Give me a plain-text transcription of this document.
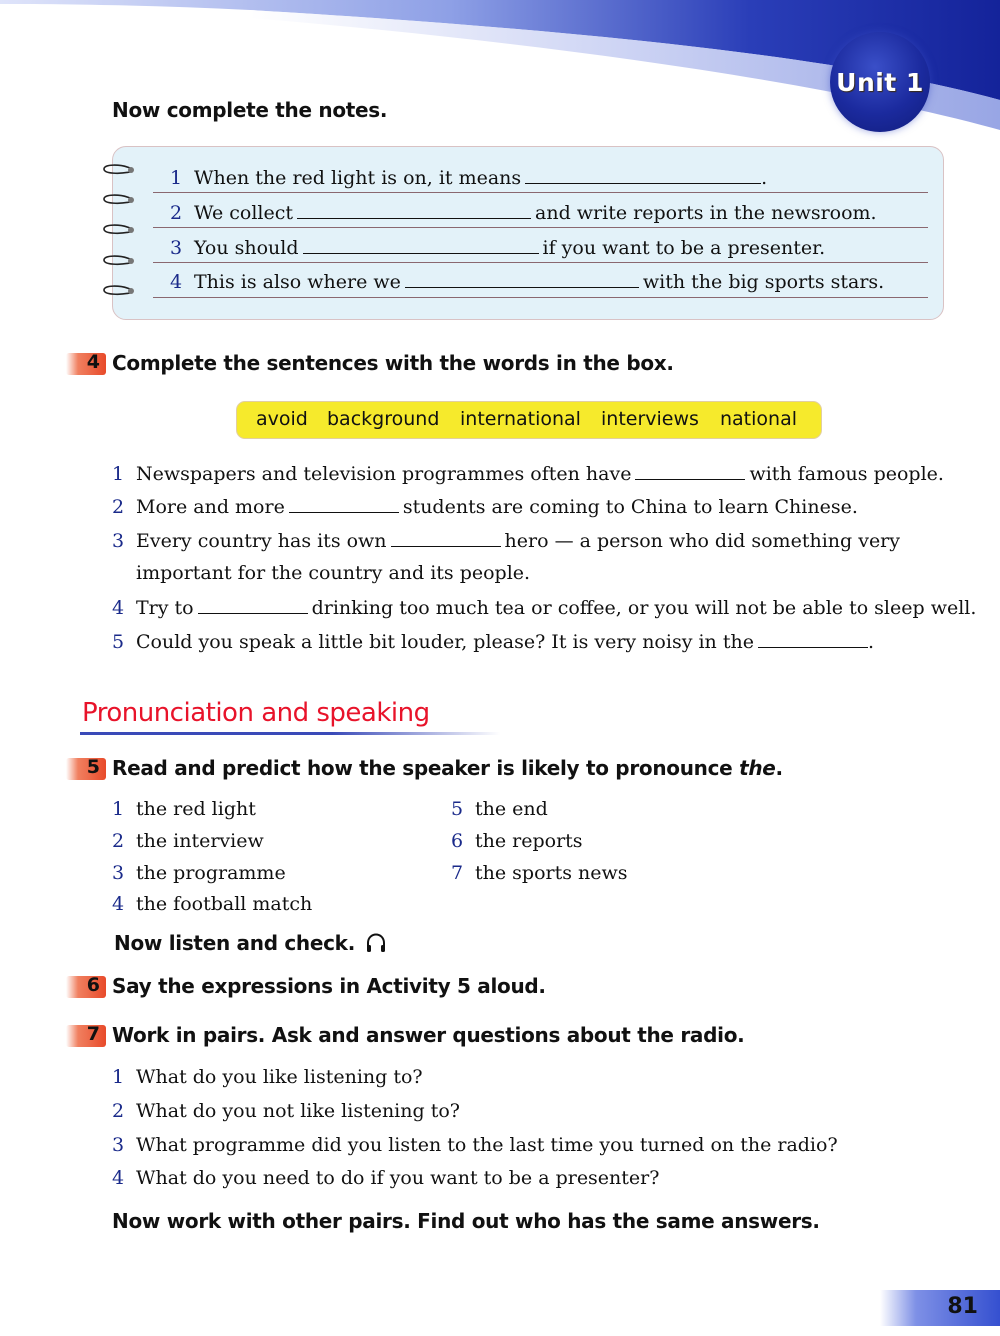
Unit 1
Now complete the notes.
1 When the red light is on, it means	.
2 We collect	and write reports in the newsroom.
3 You should	if you want to be a presenter.
4 This is also where we	with the big sports stars.
4 Complete the sentences with the words in the box.
avoid background international interviews national
1 Newspapers and television programmes often have	with famous people.
2 More and more	students are coming to China to learn Chinese.
3 Every country has its own	hero — a person who did something very
important for the country and its people.
4 Try to	drinking too much tea or coffee, or you will not be able to sleep well.
5 Could you speak a little bit louder, please? It is very noisy in the	.
Pronunciation and speaking
5 Read and predict how the speaker is likely to pronounce the.
1 the red light
2 the interview
3 the programme
4 the football match
5 the end
6 the reports
7 the sports news
Now listen and check.
6 Say the expressions in Activity 5 aloud.
7 Work in pairs. Ask and answer questions about the radio.
1 What do you like listening to?
2 What do you not like listening to?
3 What programme did you listen to the last time you turned on the radio?
4 What do you need to do if you want to be a presenter?
Now work with other pairs. Find out who has the same answers.
81
